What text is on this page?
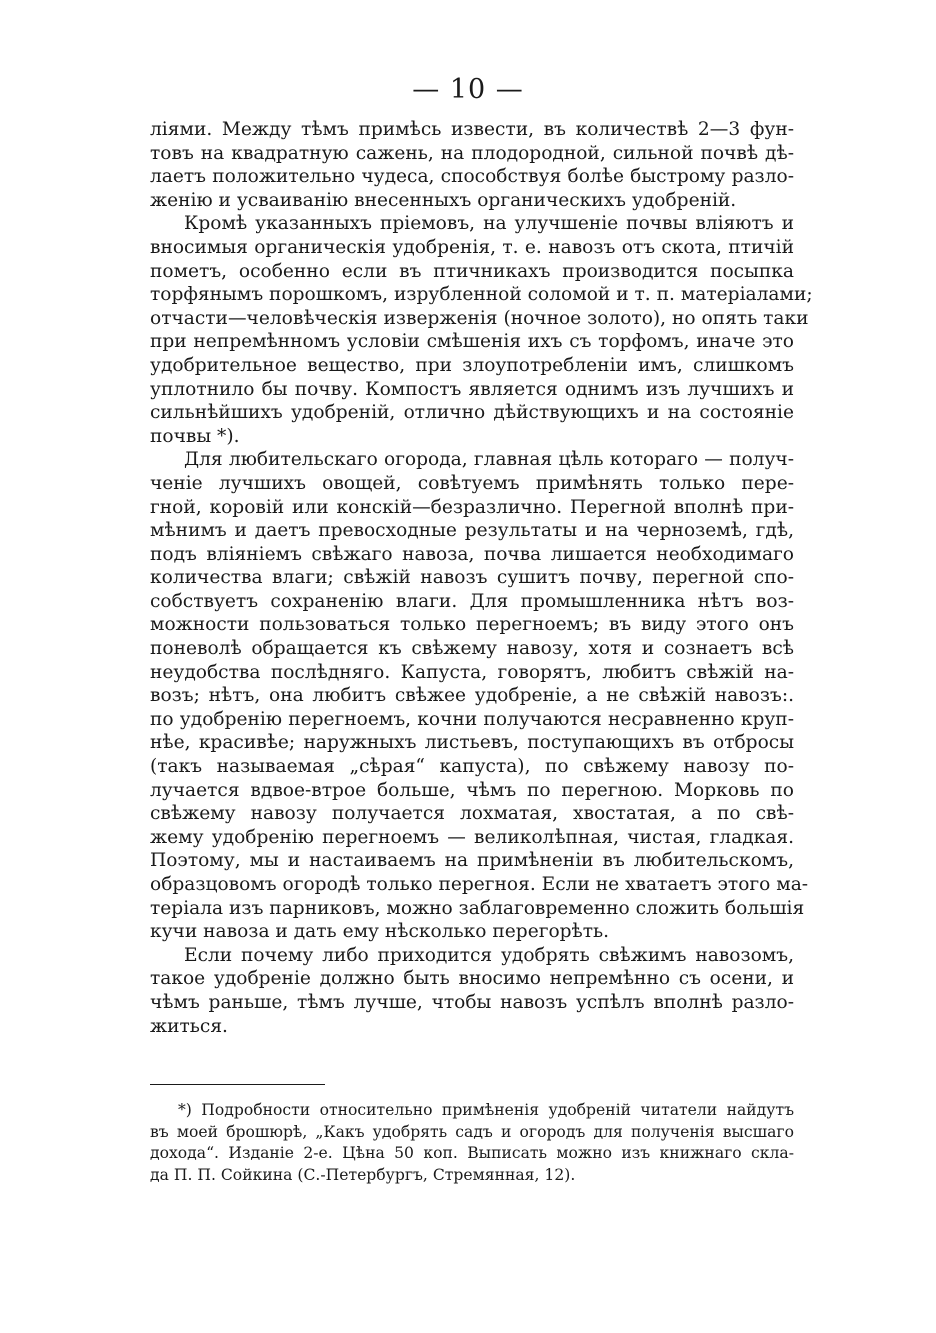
— 10 —
ліями. Между тѣмъ примѣсь извести, въ количествѣ 2—3 фун-
товъ на квадратную сажень, на плодородной, сильной почвѣ дѣ-
лаетъ положительно чудеса, способствуя болѣе быстрому разло-
женію и усваиванію внесенныхъ органическихъ удобреній.
Кромѣ указанныхъ пріемовъ, на улучшеніе почвы вліяютъ и
вносимыя органическія удобренія, т. е. навозъ отъ скота, птичій
пометъ, особенно если въ птичникахъ производится посыпка
торфянымъ порошкомъ, изрубленной соломой и т. п. матеріалами;
отчасти—человѣческія изверженія (ночное золото), но опять таки
при непремѣнномъ условіи смѣшенія ихъ съ торфомъ, иначе это
удобрительное вещество, при злоупотребленіи имъ, слишкомъ
уплотнило бы почву. Компостъ является однимъ изъ лучшихъ и
сильнѣйшихъ удобреній, отлично дѣйствующихъ и на состояніе
почвы *).
Для любительскаго огорода, главная цѣль котораго — получ-
ченіе лучшихъ овощей, совѣтуемъ примѣнять только пере-
гной, коровій или конскій—безразлично. Перегной вполнѣ при-
мѣнимъ и даетъ превосходные результаты и на черноземѣ, гдѣ,
подъ вліяніемъ свѣжаго навоза, почва лишается необходимаго
количества влаги; свѣжій навозъ сушитъ почву, перегной спо-
собствуетъ сохраненію влаги. Для промышленника нѣтъ воз-
можности пользоваться только перегноемъ; въ виду этого онъ
поневолѣ обращается къ свѣжему навозу, хотя и сознаетъ всѣ
неудобства послѣдняго. Капуста, говорятъ, любитъ свѣжій на-
возъ; нѣтъ, она любитъ свѣжее удобреніе, а не свѣжій навозъ:.
по удобренію перегноемъ, кочни получаются несравненно круп-
нѣе, красивѣе; наружныхъ листьевъ, поступающихъ въ отбросы
(такъ называемая „сѣрая“ капуста), по свѣжему навозу по-
лучается вдвое-втрое больше, чѣмъ по перегною. Морковь по
свѣжему навозу получается лохматая, хвостатая, а по свѣ-
жему удобренію перегноемъ — великолѣпная, чистая, гладкая.
Поэтому, мы и настаиваемъ на примѣненіи въ любительскомъ,
образцовомъ огородѣ только перегноя. Если не хватаетъ этого ма-
теріала изъ парниковъ, можно заблаговременно сложить большія
кучи навоза и дать ему нѣсколько перегорѣть.
Если почему либо приходится удобрять свѣжимъ навозомъ,
такое удобреніе должно быть вносимо непремѣнно съ осени, и
чѣмъ раньше, тѣмъ лучше, чтобы навозъ успѣлъ вполнѣ разло-
житься.
*) Подробности относительно примѣненія удобреній читатели найдутъ
въ моей брошюрѣ, „Какъ удобрять садъ и огородъ для полученія высшаго
дохода“. Изданіе 2-е. Цѣна 50 коп. Выписать можно изъ книжнаго скла-
да П. П. Сойкина (С.-Петербургъ, Стремянная, 12).
